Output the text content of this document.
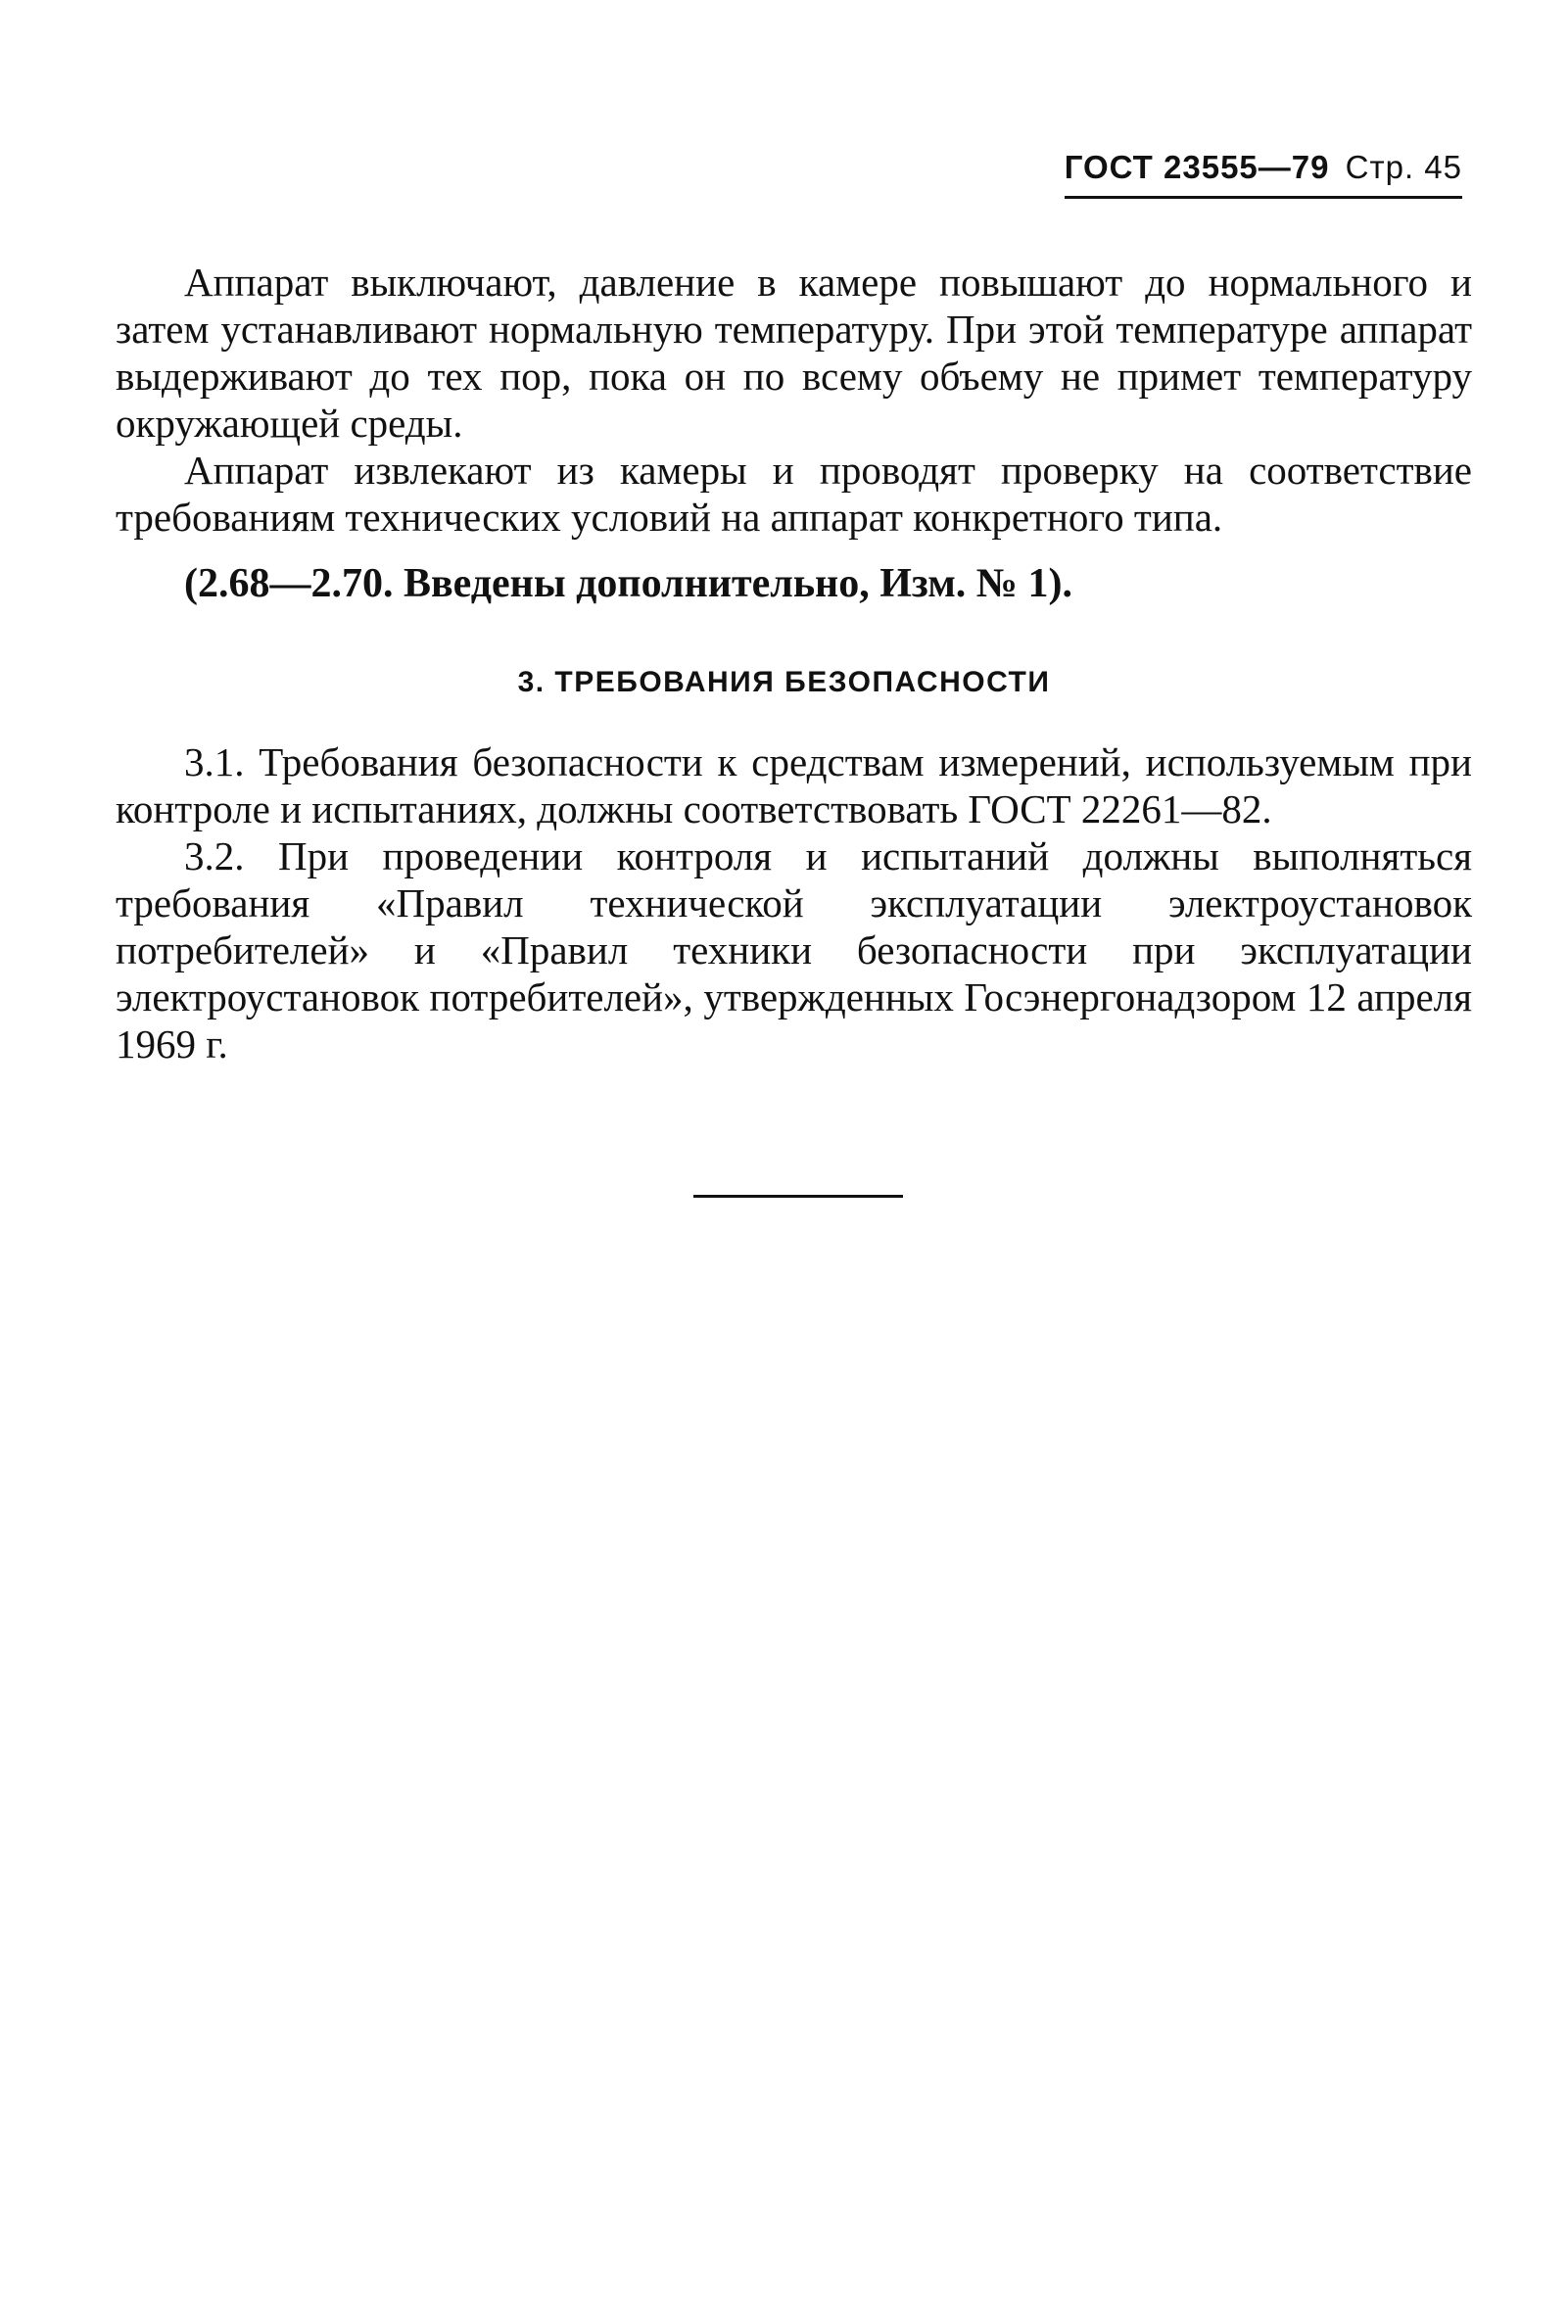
ГОСТ 23555—79 Стр. 45

Аппарат выключают, давление в камере повышают до нормального и затем устанавливают нормальную температуру. При этой температуре аппарат выдерживают до тех пор, пока он по всему объему не примет температуру окружающей среды.

Аппарат извлекают из камеры и проводят проверку на соответствие требованиям технических условий на аппарат конкретного типа.

(2.68—2.70. Введены дополнительно, Изм. № 1).
3. ТРЕБОВАНИЯ БЕЗОПАСНОСТИ

3.1. Требования безопасности к средствам измерений, используемым при контроле и испытаниях, должны соответствовать ГОСТ 22261—82.

3.2. При проведении контроля и испытаний должны выполняться требования «Правил технической эксплуатации электроустановок потребителей» и «Правил техники безопасности при эксплуатации электроустановок потребителей», утвержденных Госэнергонадзором 12 апреля 1969 г.
